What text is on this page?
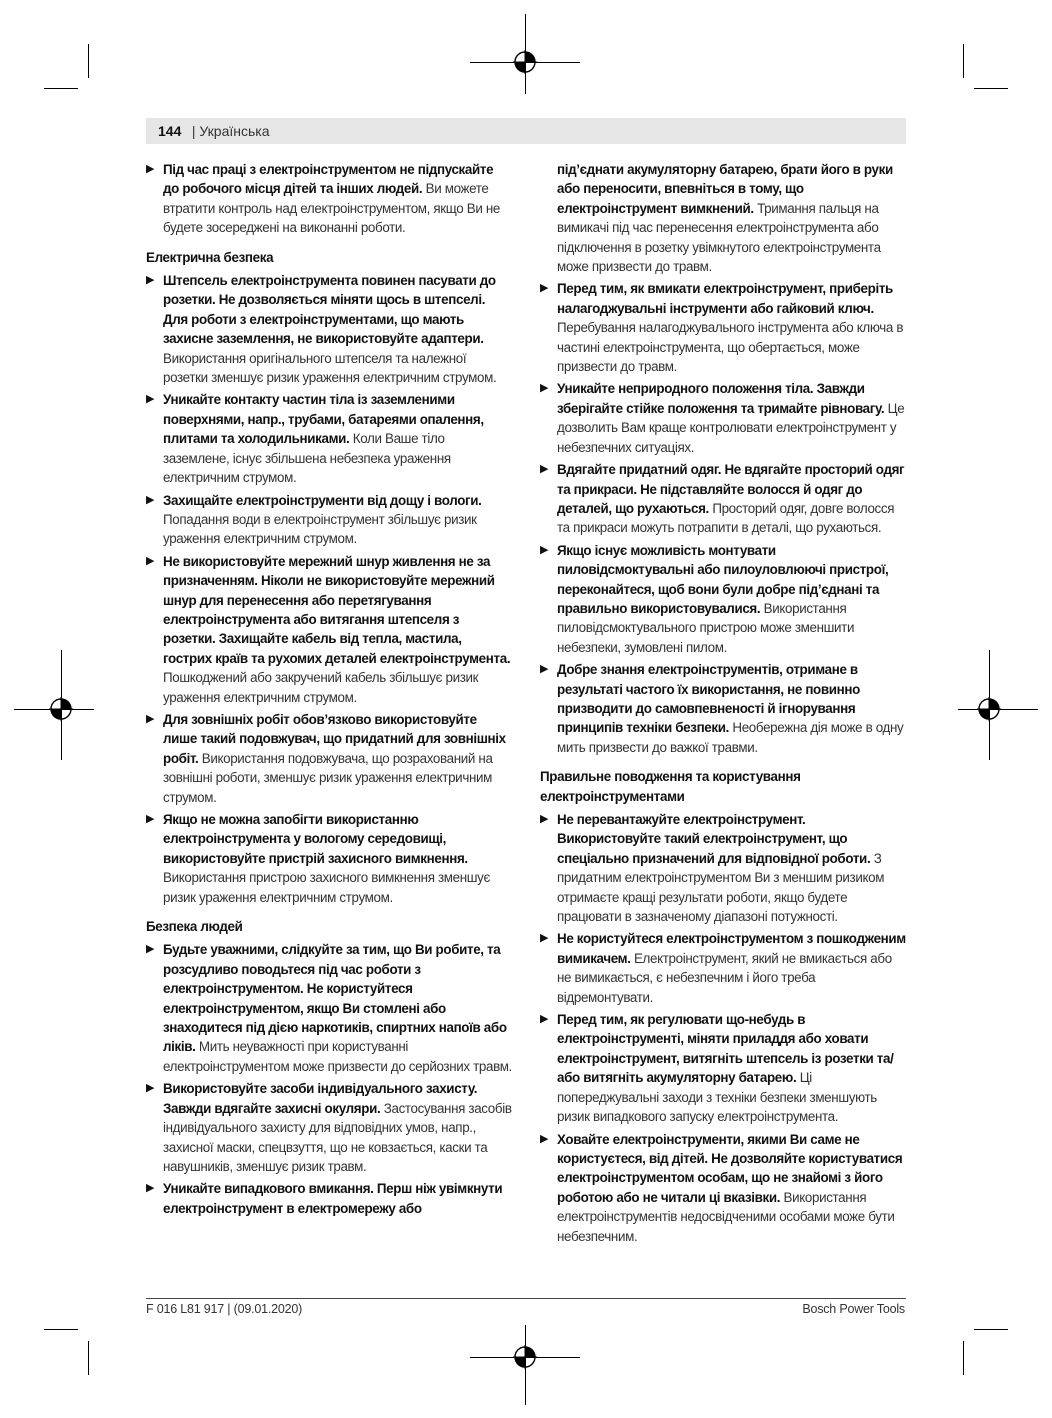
144 | Українська
▶ Під час праці з електроінструментом не підпускайте до робочого місця дітей та інших людей. Ви можете втратити контроль над електроінструментом, якщо Ви не будете зосереджені на виконанні роботи.
Електрична безпека
▶ Штепсель електроінструмента повинен пасувати до розетки. Не дозволяється міняти щось в штепселі. Для роботи з електроінструментами, що мають захисне заземлення, не використовуйте адаптери. Використання оригінального штепселя та належної розетки зменшує ризик ураження електричним струмом.
▶ Уникайте контакту частин тіла із заземленими поверхнями, напр., трубами, батареями опалення, плитами та холодильниками. Коли Ваше тіло заземлене, існує збільшена небезпека ураження електричним струмом.
▶ Захищайте електроінструменти від дощу і вологи. Попадання води в електроінструмент збільшує ризик ураження електричним струмом.
▶ Не використовуйте мережний шнур живлення не за призначенням. Ніколи не використовуйте мережний шнур для перенесення або перетягування електроінструмента або витягання штепселя з розетки. Захищайте кабель від тепла, мастила, гострих країв та рухомих деталей електроінструмента. Пошкоджений або закручений кабель збільшує ризик ураження електричним струмом.
▶ Для зовнішніх робіт обов’язково використовуйте лише такий подовжувач, що придатний для зовнішніх робіт. Використання подовжувача, що розрахований на зовнішні роботи, зменшує ризик ураження електричним струмом.
▶ Якщо не можна запобігти використанню електроінструмента у вологому середовищі, використовуйте пристрій захисного вимкнення. Використання пристрою захисного вимкнення зменшує ризик ураження електричним струмом.
Безпека людей
▶ Будьте уважними, слідкуйте за тим, що Ви робите, та розсудливо поводьтеся під час роботи з електроінструментом. Не користуйтеся електроінструментом, якщо Ви стомлені або знаходитеся під дією наркотиків, спиртних напоїв або ліків. Мить неуважності при користуванні електроінструментом може призвести до серйозних травм.
▶ Використовуйте засоби індивідуального захисту. Завжди вдягайте захисні окуляри. Застосування засобів індивідуального захисту для відповідних умов, напр., захисної маски, спецвзуття, що не ковзається, каски та навушників, зменшує ризик травм.
▶ Уникайте випадкового вмикання. Перш ніж увімкнути електроінструмент в електромережу або
під’єднати акумуляторну батарею, брати його в руки або переносити, впевніться в тому, що електроінструмент вимкнений. Тримання пальця на вимикачі під час перенесення електроінструмента або підключення в розетку увімкнутого електроінструмента може призвести до травм.
▶ Перед тим, як вмикати електроінструмент, приберіть налагоджувальні інструменти або гайковий ключ. Перебування налагоджувального інструмента або ключа в частині електроінструмента, що обертається, може призвести до травм.
▶ Уникайте неприродного положення тіла. Завжди зберігайте стійке положення та тримайте рівновагу. Це дозволить Вам краще контролювати електроінструмент у небезпечних ситуаціях.
▶ Вдягайте придатний одяг. Не вдягайте просторий одяг та прикраси. Не підставляйте волосся й одяг до деталей, що рухаються. Просторий одяг, довге волосся та прикраси можуть потрапити в деталі, що рухаються.
▶ Якщо існує можливість монтувати пиловідсмоктувальні або пилоуловлюючі пристрої, переконайтеся, щоб вони були добре під’єднані та правильно використовувалися. Використання пиловідсмоктувального пристрою може зменшити небезпеки, зумовлені пилом.
▶ Добре знання електроінструментів, отримане в результаті частого їх використання, не повинно призводити до самовпевненості й ігнорування принципів техніки безпеки. Необережна дія може в одну мить призвести до важкої травми.
Правильне поводження та користування електроінструментами
▶ Не перевантажуйте електроінструмент. Використовуйте такий електроінструмент, що спеціально призначений для відповідної роботи. З придатним електроінструментом Ви з меншим ризиком отримаєте кращі результати роботи, якщо будете працювати в зазначеному діапазоні потужності.
▶ Не користуйтеся електроінструментом з пошкодженим вимикачем. Електроінструмент, який не вмикається або не вимикається, є небезпечним і його треба відремонтувати.
▶ Перед тим, як регулювати що-небудь в електроінструменті, міняти приладдя або ховати електроінструмент, витягніть штепсель із розетки та/або витягніть акумуляторну батарею. Ці попереджувальні заходи з техніки безпеки зменшують ризик випадкового запуску електроінструмента.
▶ Ховайте електроінструменти, якими Ви саме не користуєтеся, від дітей. Не дозволяйте користуватися електроінструментом особам, що не знайомі з його роботою або не читали ці вказівки. Використання електроінструментів недосвідченими особами може бути небезпечним.
F 016 L81 917 | (09.01.2020)	Bosch Power Tools
